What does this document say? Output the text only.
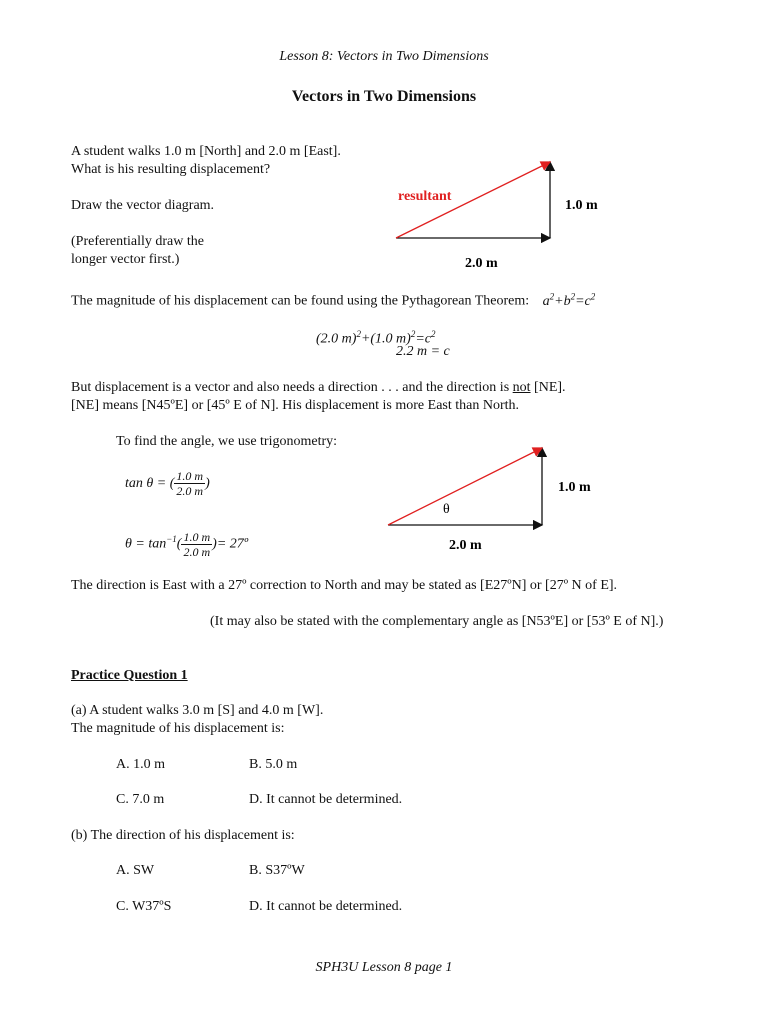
Lesson 8: Vectors in Two Dimensions
Vectors in Two Dimensions
A student walks 1.0 m [North] and 2.0 m [East].
What is his resulting displacement?
Draw the vector diagram.
(Preferentially draw the
longer vector first.)
resultant
1.0 m
2.0 m
The magnitude of his displacement can be found using the Pythagorean Theorem: $a^2+b^2=c^2$
(2.0 m)$^2$+(1.0 $m)^2=c^2$
2.2 m = c
But displacement is a vector and also needs a direction . . . and the direction is not [NE].
[NE] means [N45ºE] or [45º E of N]. His displacement is more East than North.
To find the angle, we use trigonometry:
tan θ = ( $\frac{1.0 m}{2.0 m}$ )
$\theta = \tan^{-1}( \frac{1.0 m}{2.0 m}$ )= 27º
θ
1.0 m
2.0 m
The direction is East with a 27º correction to North and may be stated as [E27ºN] or [27º N of E].
(It may also be stated with the complementary angle as [N53ºE] or [53º E of N].)
Practice Question 1
(a) A student walks 3.0 m [S] and 4.0 m [W].
The magnitude of his displacement is:
A. 1.0 m	B. 5.0 m
C. 7.0 m	D. It cannot be determined.
(b) The direction of his displacement is:
A. SW	B. S37ºW
C. W37ºS	D. It cannot be determined.
SPH3U Lesson 8 page 1
